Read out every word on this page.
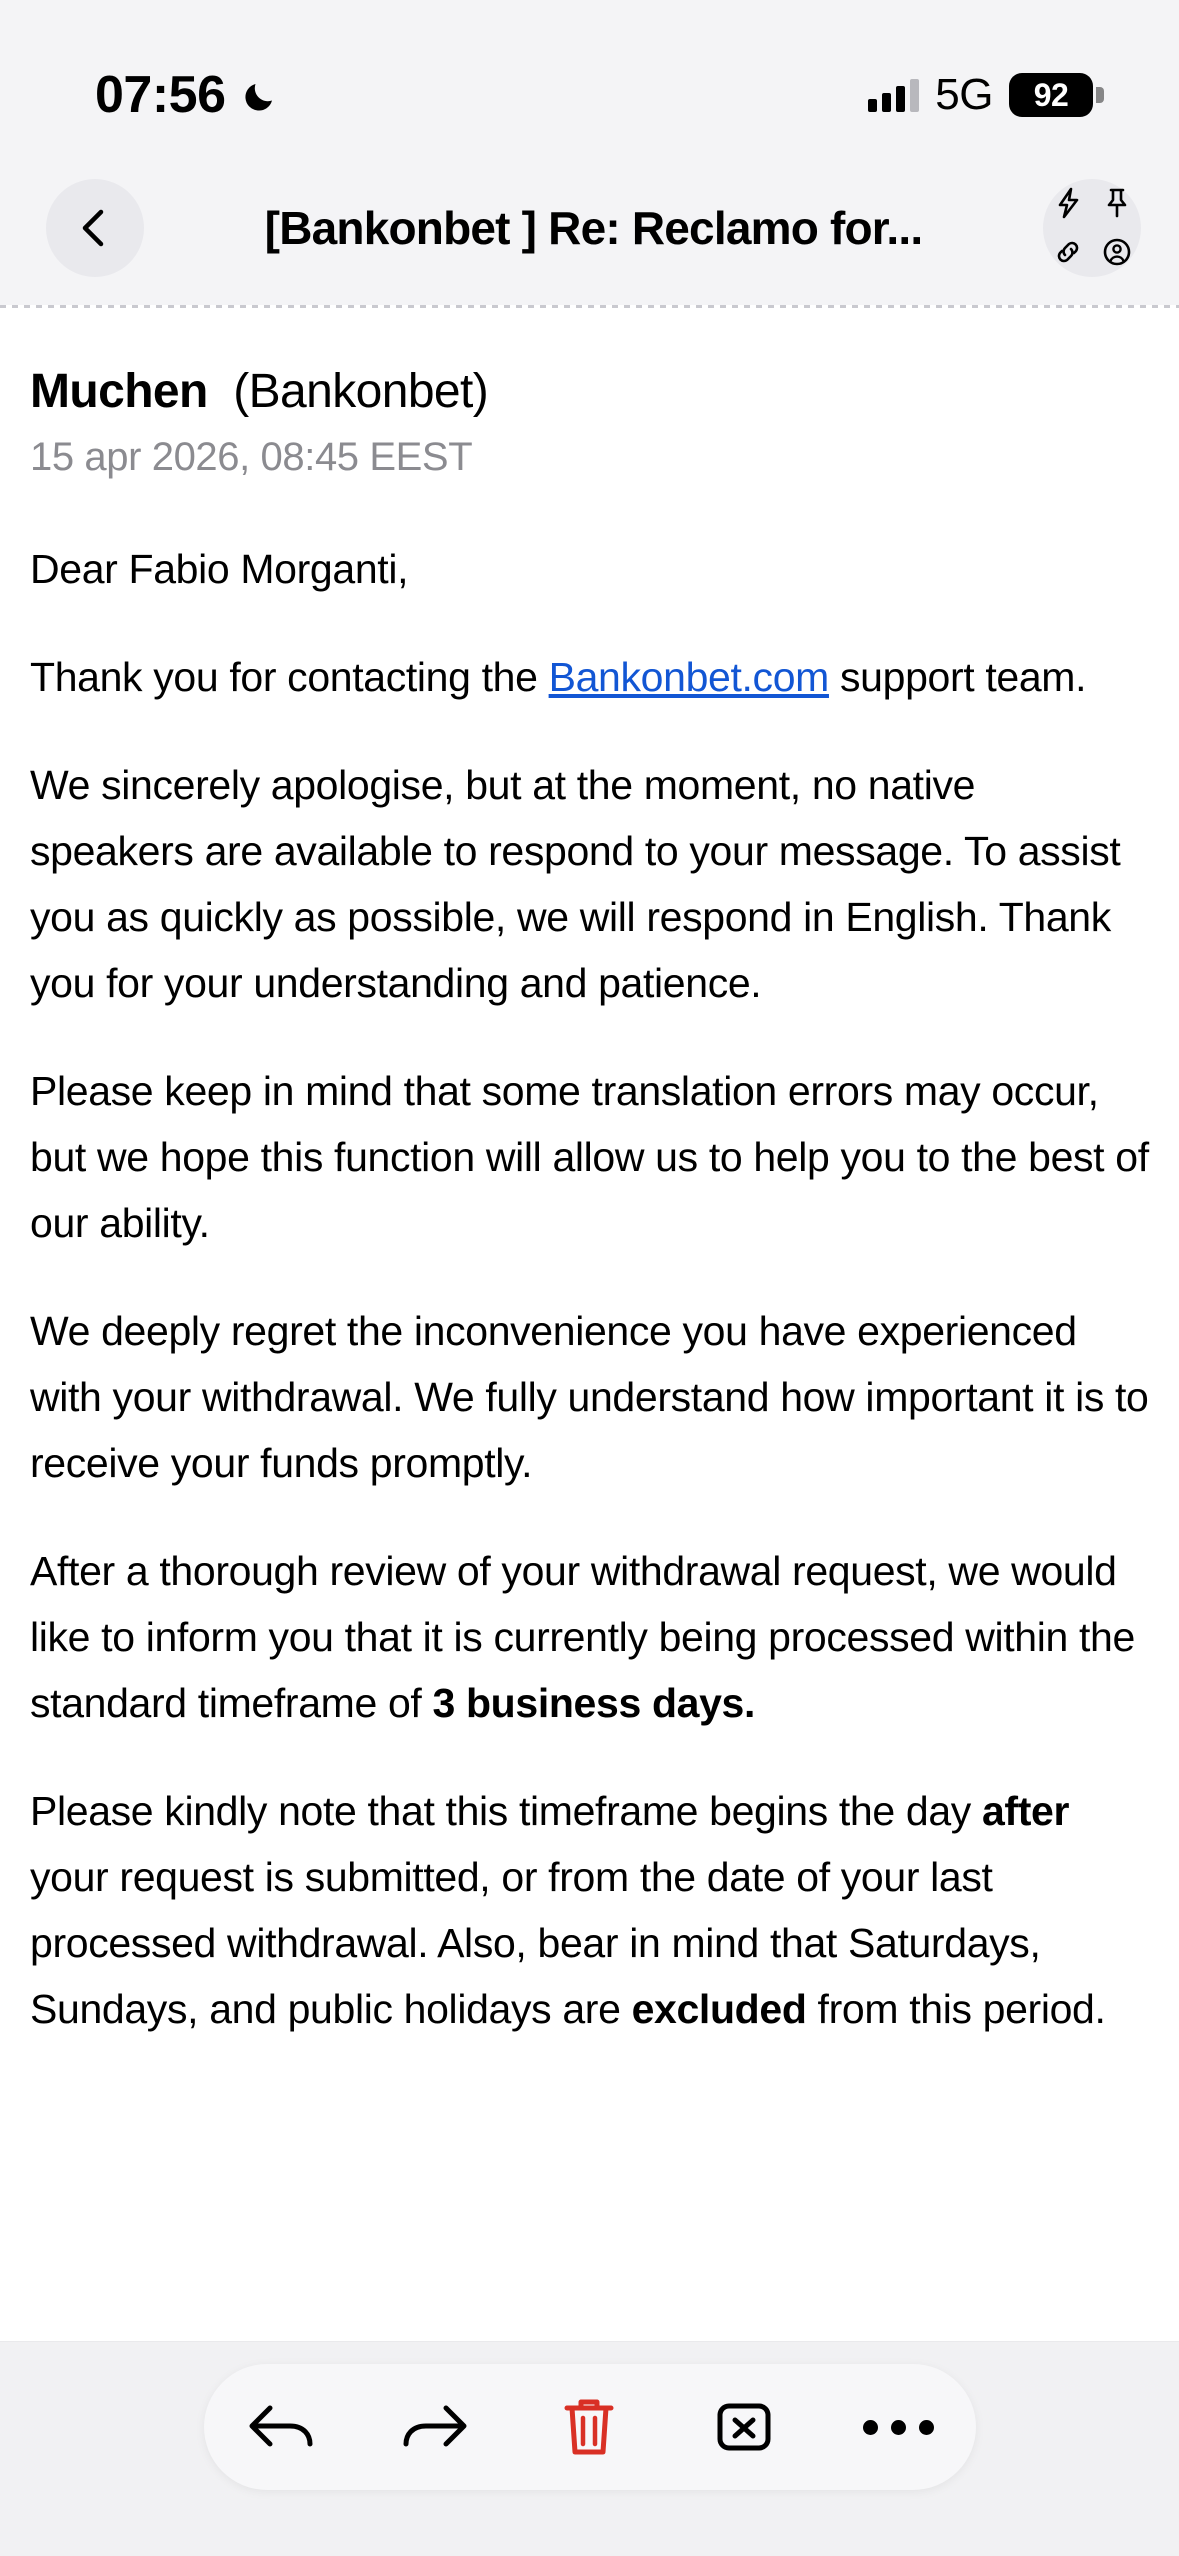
07:56	5G	92
[Bankonbet ] Re: Reclamo for...
Muchen (Bankonbet)
15 apr 2026, 08:45 EEST
Dear Fabio Morganti,
Thank you for contacting the Bankonbet.com support team.
We sincerely apologise, but at the moment, no native speakers are available to respond to your message. To assist you as quickly as possible, we will respond in English. Thank you for your understanding and patience.
Please keep in mind that some translation errors may occur, but we hope this function will allow us to help you to the best of our ability.
We deeply regret the inconvenience you have experienced with your withdrawal. We fully understand how important it is to receive your funds promptly.
After a thorough review of your withdrawal request, we would like to inform you that it is currently being processed within the standard timeframe of 3 business days.
Please kindly note that this timeframe begins the day after your request is submitted, or from the date of your last processed withdrawal. Also, bear in mind that Saturdays, Sundays, and public holidays are excluded from this period.
